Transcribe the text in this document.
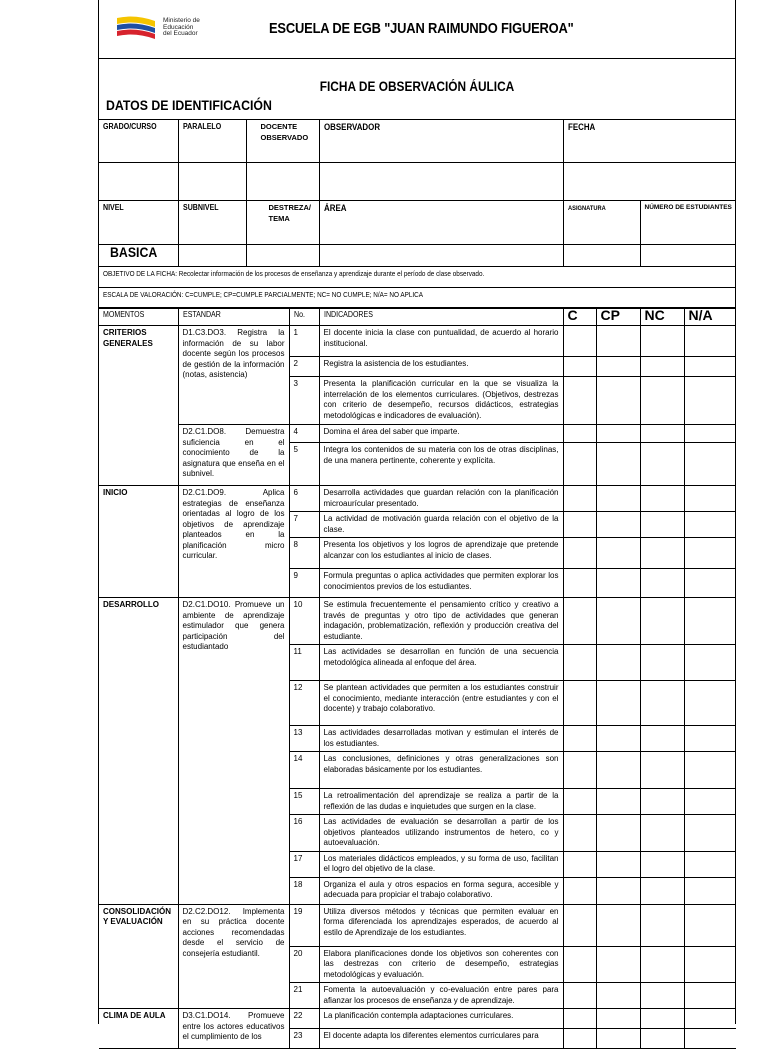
Ministerio de
Educación
del Ecuador	ESCUELA DE EGB "JUAN RAIMUNDO FIGUEROA"
FICHA DE OBSERVACIÓN ÁULICA
DATOS DE IDENTIFICACIÓN
GRADO/CURSO	PARALELO	DOCENTE OBSERVADO	OBSERVADOR	FECHA	

NIVEL	SUBNIVEL	DESTREZA/ TEMA	ÁREA	ASIGNATURA	NÚMERO DE ESTUDIANTES

BASICA					
OBJETIVO DE LA FICHA: Recolectar información de los procesos de enseñanza y aprendizaje durante el período de clase observado.					
ESCALA DE VALORACIÓN: C=CUMPLE; CP=CUMPLE PARCIALMENTE; NC= NO CUMPLE; N/A= NO APLICA					
MOMENTOS	ESTANDAR	No.	INDICADORES	C	CP	NC	N/A

CRITERIOS GENERALES	D1.C3.DO3. Registra la información de su labor docente según los procesos de gestión de la información (notas, asistencia)	1	El docente inicia la clase con puntualidad, de acuerdo al horario institucional.				

		2	Registra la asistencia de los estudiantes.				

		3	Presenta la planificación curricular en la que se visualiza la interrelación de los elementos curriculares. (Objetivos, destrezas con criterio de desempeño, recursos didácticos, estrategias metodológicas e indicadores de evaluación).				

	D2.C1.DO8. Demuestra suficiencia en el conocimiento de la asignatura que enseña en el subnivel.	4	Domina el área del saber que imparte.				

		5	Integra los contenidos de su materia con los de otras disciplinas, de una manera pertinente, coherente y explícita.				

INICIO	D2.C1.DO9. Aplica estrategias de enseñanza orientadas al logro de los objetivos de aprendizaje planteados en la planificación micro curricular.	6	Desarrolla actividades que guardan relación con la planificación microaurícular presentado.				

		7	La actividad de motivación guarda relación con el objetivo de la clase.				

		8	Presenta los objetivos y los logros de aprendizaje que pretende alcanzar con los estudiantes al inicio de clases.				

		9	Formula preguntas o aplica actividades que permiten explorar los conocimientos previos de los estudiantes.				

DESARROLLO	D2.C1.DO10. Promueve un ambiente de aprendizaje estimulador que genera participación del estudiantado	10	Se estimula frecuentemente el pensamiento crítico y creativo a través de preguntas y otro tipo de actividades que generan indagación, problematización, reflexión y producción creativa del estudiante.				

		11	Las actividades se desarrollan en función de una secuencia metodológica alineada al enfoque del área.				

		12	Se plantean actividades que permiten a los estudiantes construir el conocimiento, mediante interacción (entre estudiantes y con el docente) y trabajo colaborativo.				

		13	Las actividades desarrolladas motivan y estimulan el interés de los estudiantes.				

		14	Las conclusiones, definiciones y otras generalizaciones son elaboradas básicamente por los estudiantes.				

		15	La retroalimentación del aprendizaje se realiza a partir de la reflexión de las dudas e inquietudes que surgen en la clase.				

		16	Las actividades de evaluación se desarrollan a partir de los objetivos planteados utilizando instrumentos de hetero, co y autoevaluación.				

		17	Los materiales didácticos empleados, y su forma de uso, facilitan el logro del objetivo de la clase.				

		18	Organiza el aula y otros espacios en forma segura, accesible y adecuada para propiciar el trabajo colaborativo.				

CONSOLIDACIÓN Y EVALUACIÓN	D2.C2.DO12. Implementa en su práctica docente acciones recomendadas desde el servicio de consejería estudiantil.	19	Utiliza diversos métodos y técnicas que permiten evaluar en forma diferenciada los aprendizajes esperados, de acuerdo al estilo de Aprendizaje de los estudiantes.				

		20	Elabora planificaciones donde los objetivos son coherentes con las destrezas con criterio de desempeño, estrategias metodológicas y evaluación.				

		21	Fomenta la autoevaluación y co-evaluación entre pares para afianzar los procesos de enseñanza y de aprendizaje.				

CLIMA DE AULA	D3.C1.DO14. Promueve entre los actores educativos el cumplimiento de los	22	La planificación contempla adaptaciones curriculares.				

		23	El docente adapta los diferentes elementos curriculares para				
